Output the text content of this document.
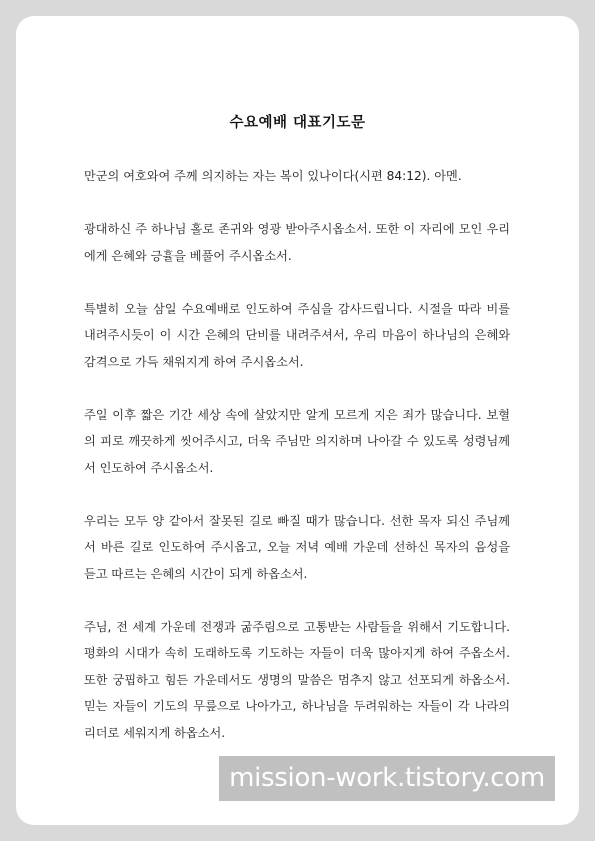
수요예배 대표기도문

만군의 여호와여 주께 의지하는 자는 복이 있나이다(시편 84:12). 아멘.

광대하신 주 하나님 홀로 존귀와 영광 받아주시옵소서. 또한 이 자리에 모인 우리에게 은혜와 긍휼을 베풀어 주시옵소서.

특별히 오늘 삼일 수요예배로 인도하여 주심을 감사드립니다. 시절을 따라 비를 내려주시듯이 이 시간 은혜의 단비를 내려주셔서, 우리 마음이 하나님의 은혜와 감격으로 가득 채워지게 하여 주시옵소서.

주일 이후 짧은 기간 세상 속에 살았지만 알게 모르게 지은 죄가 많습니다. 보혈의 피로 깨끗하게 씻어주시고, 더욱 주님만 의지하며 나아갈 수 있도록 성령님께서 인도하여 주시옵소서.

우리는 모두 양 같아서 잘못된 길로 빠질 때가 많습니다. 선한 목자 되신 주님께서 바른 길로 인도하여 주시옵고, 오늘 저녁 예배 가운데 선하신 목자의 음성을 듣고 따르는 은혜의 시간이 되게 하옵소서.

주님, 전 세계 가운데 전쟁과 굶주림으로 고통받는 사람들을 위해서 기도합니다. 평화의 시대가 속히 도래하도록 기도하는 자들이 더욱 많아지게 하여 주옵소서. 또한 궁핍하고 힘든 가운데서도 생명의 말씀은 멈추지 않고 선포되게 하옵소서. 믿는 자들이 기도의 무릎으로 나아가고, 하나님을 두려워하는 자들이 각 나라의 리더로 세워지게 하옵소서.

mission-work.tistory.com
